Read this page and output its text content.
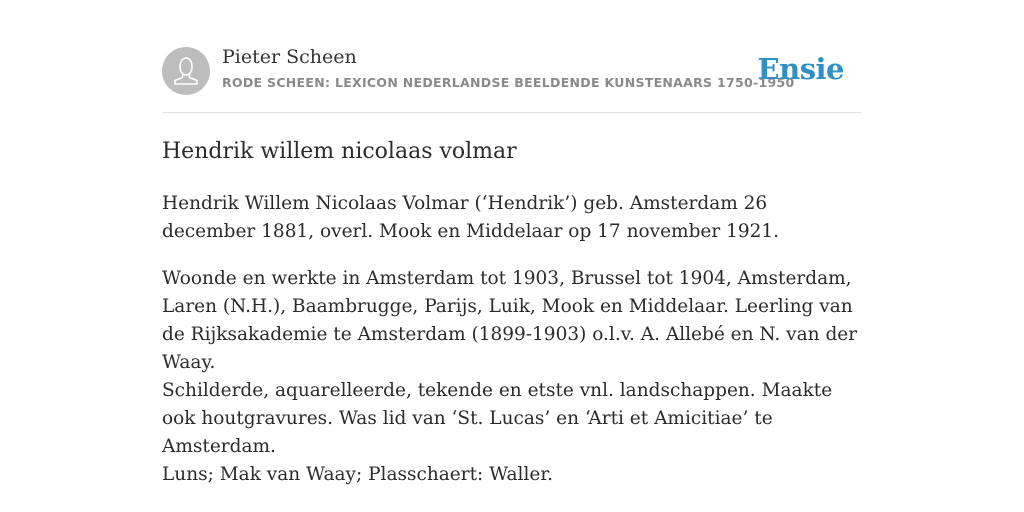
Pieter Scheen
RODE SCHEEN: LEXICON NEDERLANDSE BEELDENDE KUNSTENAARS 1750-1950
Ensie
Hendrik willem nicolaas volmar

Hendrik Willem Nicolaas Volmar (‘Hendrik’) geb. Amsterdam 26 december 1881, overl. Mook en Middelaar op 17 november 1921.

Woonde en werkte in Amsterdam tot 1903, Brussel tot 1904, Amsterdam, Laren (N.H.), Baambrugge, Parijs, Luik, Mook en Middelaar. Leerling van de Rijksakademie te Amsterdam (1899-1903) o.l.v. A. Allebé en N. van der Waay.

Schilderde, aquarelleerde, tekende en etste vnl. landschappen. Maakte ook houtgravures. Was lid van ‘St. Lucas’ en ‘Arti et Amicitiae’ te Amsterdam.

Luns; Mak van Waay; Plasschaert: Waller.
